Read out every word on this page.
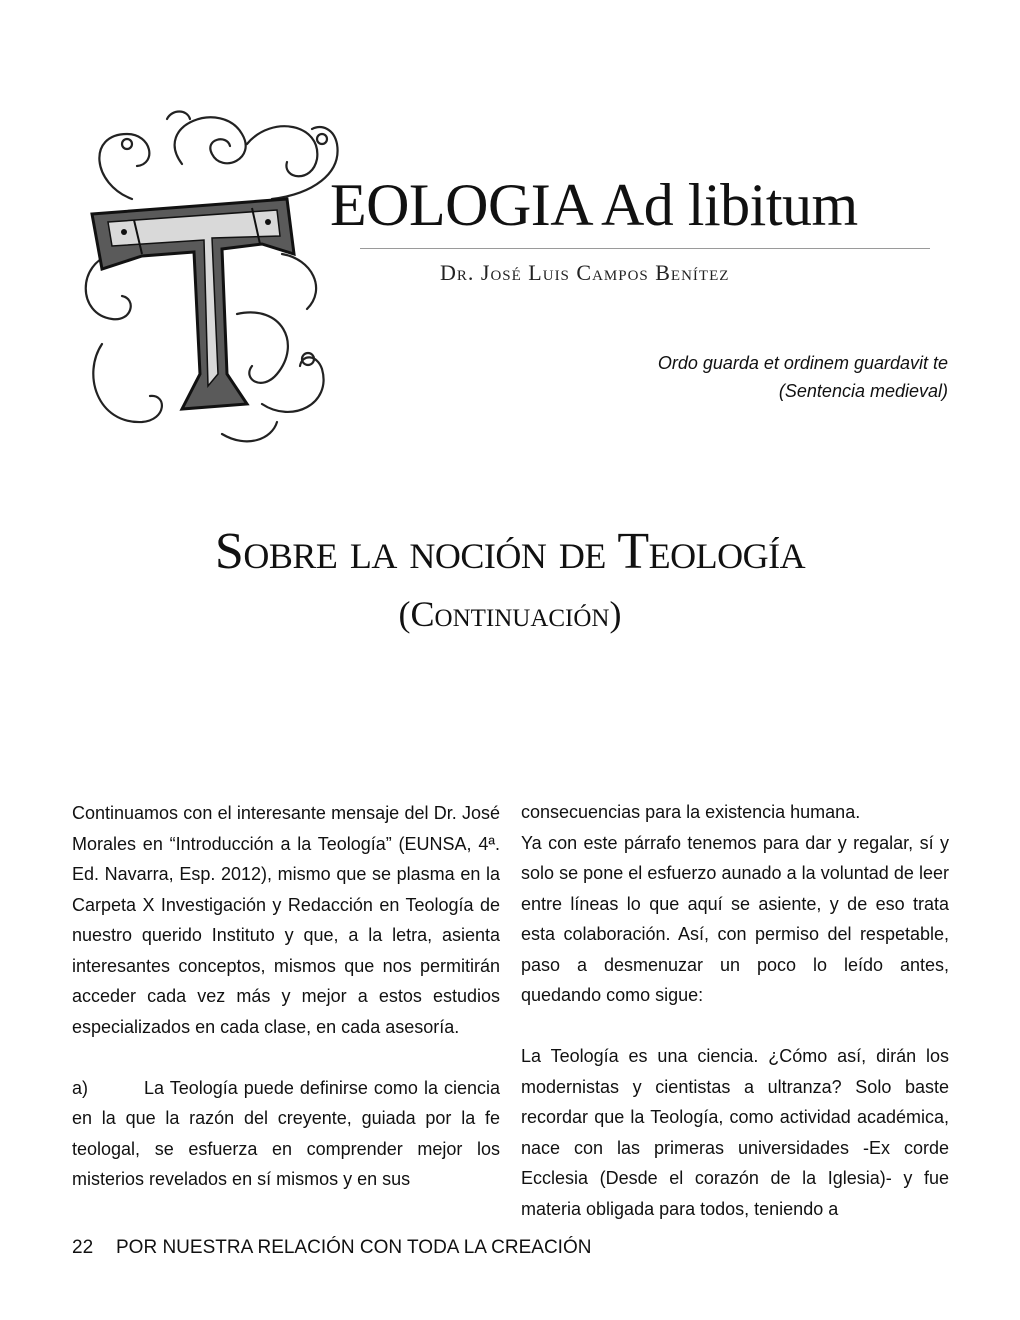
EOLOGIA Ad libitum
Dr. José Luis Campos Benítez
Ordo guarda et ordinem guardavit te
(Sentencia medieval)
Sobre la noción de Teología
(Continuación)

Continuamos con el interesante mensaje del Dr. José Morales en “Introducción a la Teología” (EUNSA, 4ª. Ed. Navarra, Esp. 2012), mismo que se plasma en la Carpeta X Investigación y Redacción en Teología de nuestro querido Instituto y que, a la letra, asienta interesantes conceptos, mismos que nos permitirán acceder cada vez más y mejor a estos estudios especializados en cada clase, en cada asesoría.

a)	La Teología puede definirse como la ciencia en la que la razón del creyente, guiada por la fe teologal, se esfuerza en comprender mejor los misterios revelados en sí mismos y en sus

consecuencias para la existencia humana.

Ya con este párrafo tenemos para dar y regalar, sí y solo se pone el esfuerzo aunado a la voluntad de leer entre líneas lo que aquí se asiente, y de eso trata esta colaboración. Así, con permiso del respetable, paso a desmenuzar un poco lo leído antes, quedando como sigue:

La Teología es una ciencia. ¿Cómo así, dirán los modernistas y cientistas a ultranza? Solo baste recordar que la Teología, como actividad académica, nace con las primeras universidades -Ex corde Ecclesia (Desde el corazón de la Iglesia)- y fue materia obligada para todos, teniendo a

22 POR NUESTRA RELACIÓN CON TODA LA CREACIÓN
